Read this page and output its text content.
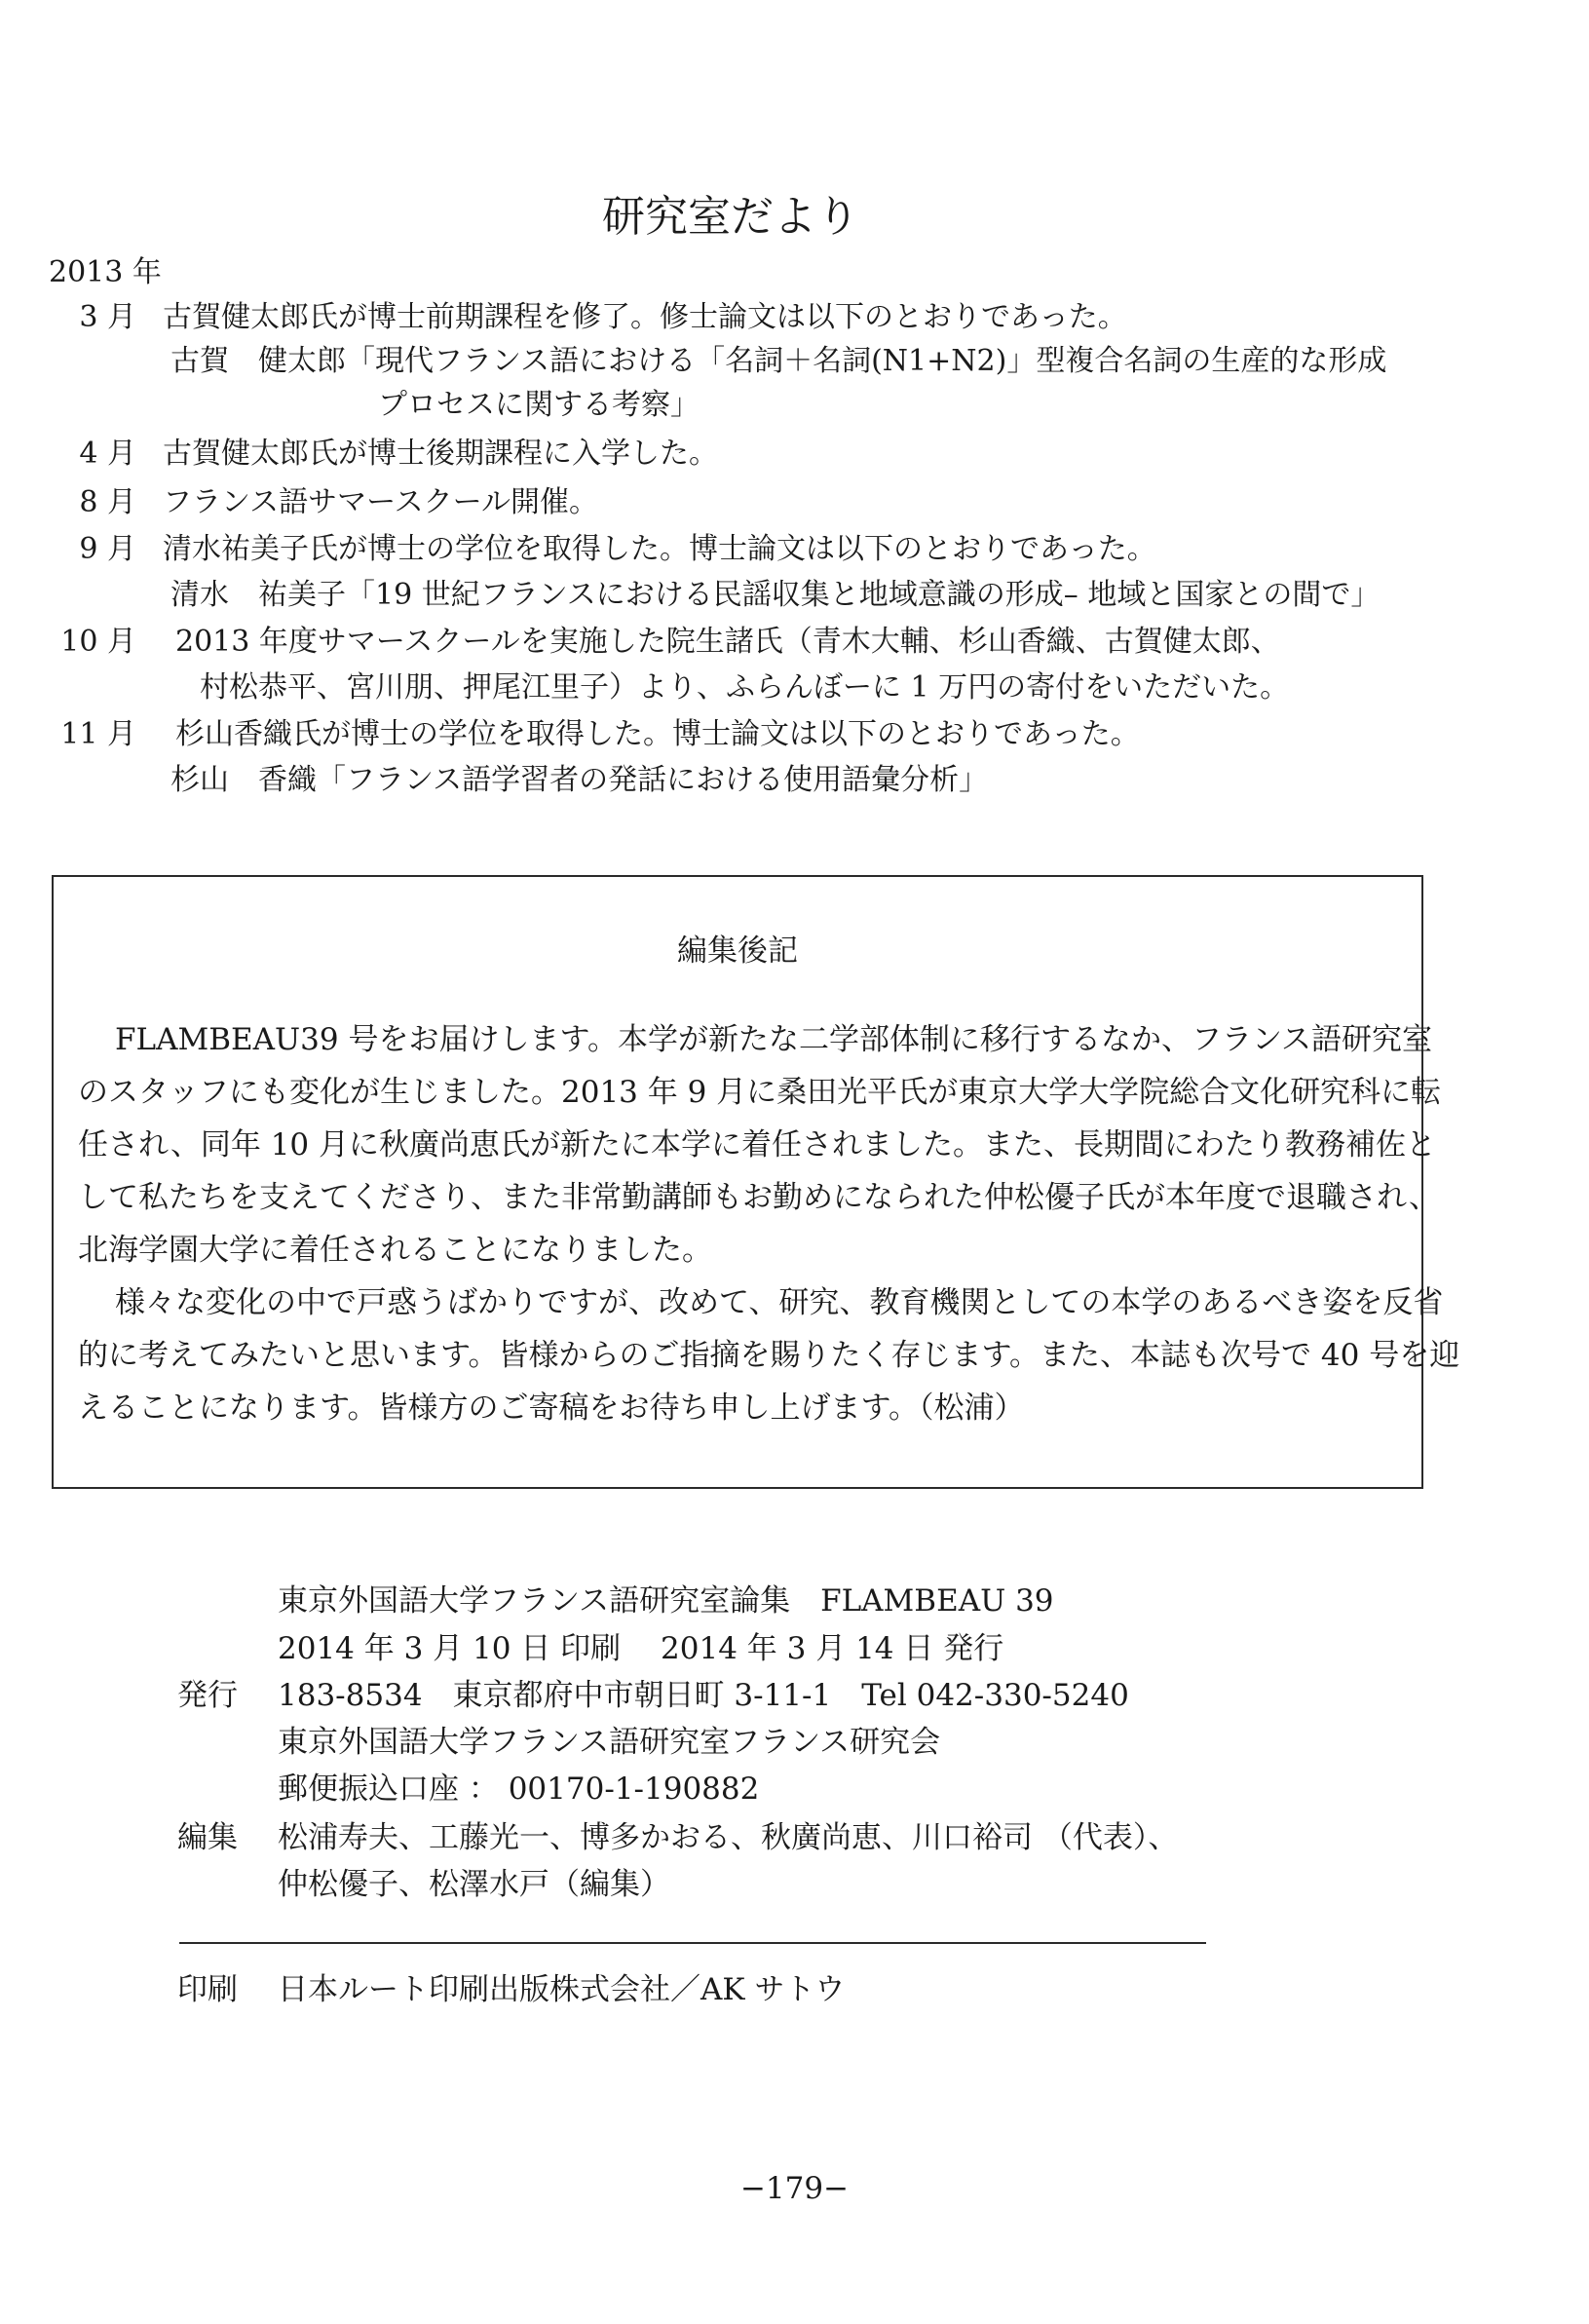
研究室だより
2013 年
3 月 古賀健太郎氏が博士前期課程を修了。修士論文は以下のとおりであった。
古賀　健太郎「現代フランス語における「名詞＋名詞(N1+N2)」型複合名詞の生産的な形成
プロセスに関する考察」
4 月 古賀健太郎氏が博士後期課程に入学した。
8 月 フランス語サマースクール開催。
9 月 清水祐美子氏が博士の学位を取得した。博士論文は以下のとおりであった。
清水　祐美子「19 世紀フランスにおける民謡収集と地域意識の形成– 地域と国家との間で」
10 月 2013 年度サマースクールを実施した院生諸氏（青木大輔、杉山香織、古賀健太郎、
村松恭平、宮川朋、押尾江里子）より、ふらんぼーに 1 万円の寄付をいただいた。
11 月 杉山香織氏が博士の学位を取得した。博士論文は以下のとおりであった。
杉山　香織「フランス語学習者の発話における使用語彙分析」
編集後記
FLAMBEAU39 号をお届けします。本学が新たな二学部体制に移行するなか、フランス語研究室
のスタッフにも変化が生じました。2013 年 9 月に桑田光平氏が東京大学大学院総合文化研究科に転
任され、同年 10 月に秋廣尚恵氏が新たに本学に着任されました。また、長期間にわたり教務補佐と
して私たちを支えてくださり、また非常勤講師もお勤めになられた仲松優子氏が本年度で退職され、
北海学園大学に着任されることになりました。
様々な変化の中で戸惑うばかりですが、改めて、研究、教育機関としての本学のあるべき姿を反省
的に考えてみたいと思います。皆様からのご指摘を賜りたく存じます。また、本誌も次号で 40 号を迎
えることになります。皆様方のご寄稿をお待ち申し上げます。（松浦）
東京外国語大学フランス語研究室論集　FLAMBEAU 39
2014 年 3 月 10 日 印刷　 2014 年 3 月 14 日 発行
発行 183-8534　東京都府中市朝日町 3-11-1　Tel 042-330-5240
東京外国語大学フランス語研究室フランス研究会
郵便振込口座 ： 00170-1-190882
編集 松浦寿夫、工藤光一、博多かおる、秋廣尚恵、川口裕司 （代表）、
仲松優子、松澤水戸（編集）
印刷 日本ルート印刷出版株式会社／AK サトウ
−179−
